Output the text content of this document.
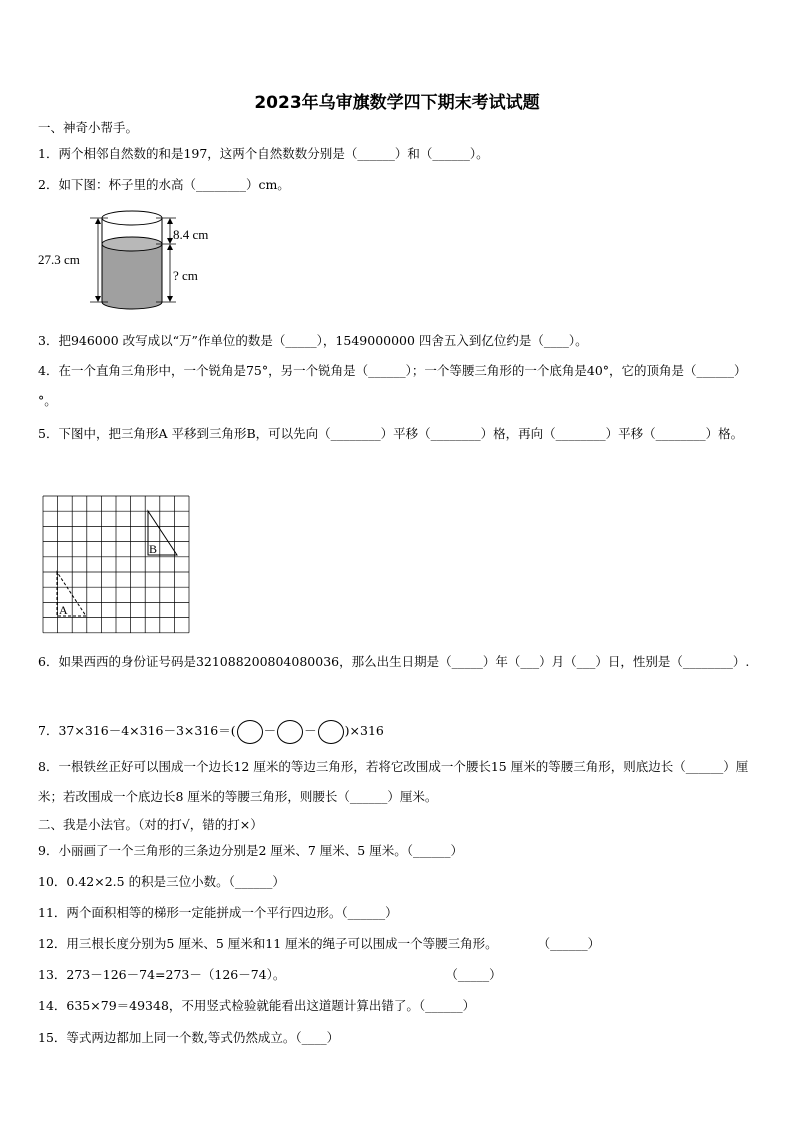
2023年乌审旗数学四下期末考试试题
一、神奇小帮手。
1．两个相邻自然数的和是197，这两个自然数数分别是（______）和（______）。
2．如下图：杯子里的水高（________）cm。
27.3 cm
8.4 cm
? cm
3．把946000 改写成以“万”作单位的数是（_____），1549000000 四舍五入到亿位约是（____）。
4．在一个直角三角形中，一个锐角是75°，另一个锐角是（______）；一个等腰三角形的一个底角是40°，它的顶角是（______）°。
5．下图中，把三角形A 平移到三角形B，可以先向（________）平移（________）格，再向（________）平移（________）格。
B
A
6．如果西西的身份证号码是321088200804080036，那么出生日期是（_____）年（___）月（___）日，性别是（________）.
7．37×316－4×316－3×316＝( － － )×316
8．一根铁丝正好可以围成一个边长12 厘米的等边三角形，若将它改围成一个腰长15 厘米的等腰三角形，则底边长（______）厘米；若改围成一个底边长8 厘米的等腰三角形，则腰长（______）厘米。
二、我是小法官。（对的打√，错的打×）
9．小丽画了一个三角形的三条边分别是2 厘米、7 厘米、5 厘米。（______）
10．0.42×2.5 的积是三位小数。（______）
11．两个面积相等的梯形一定能拼成一个平行四边形。（______）
12．用三根长度分别为5 厘米、5 厘米和11 厘米的绳子可以围成一个等腰三角形。	（______）
13．273－126－74=273－（126－74）。	（_____）
14．635×79＝49348，不用竖式检验就能看出这道题计算出错了。（______）
15．等式两边都加上同一个数,等式仍然成立。（____）
